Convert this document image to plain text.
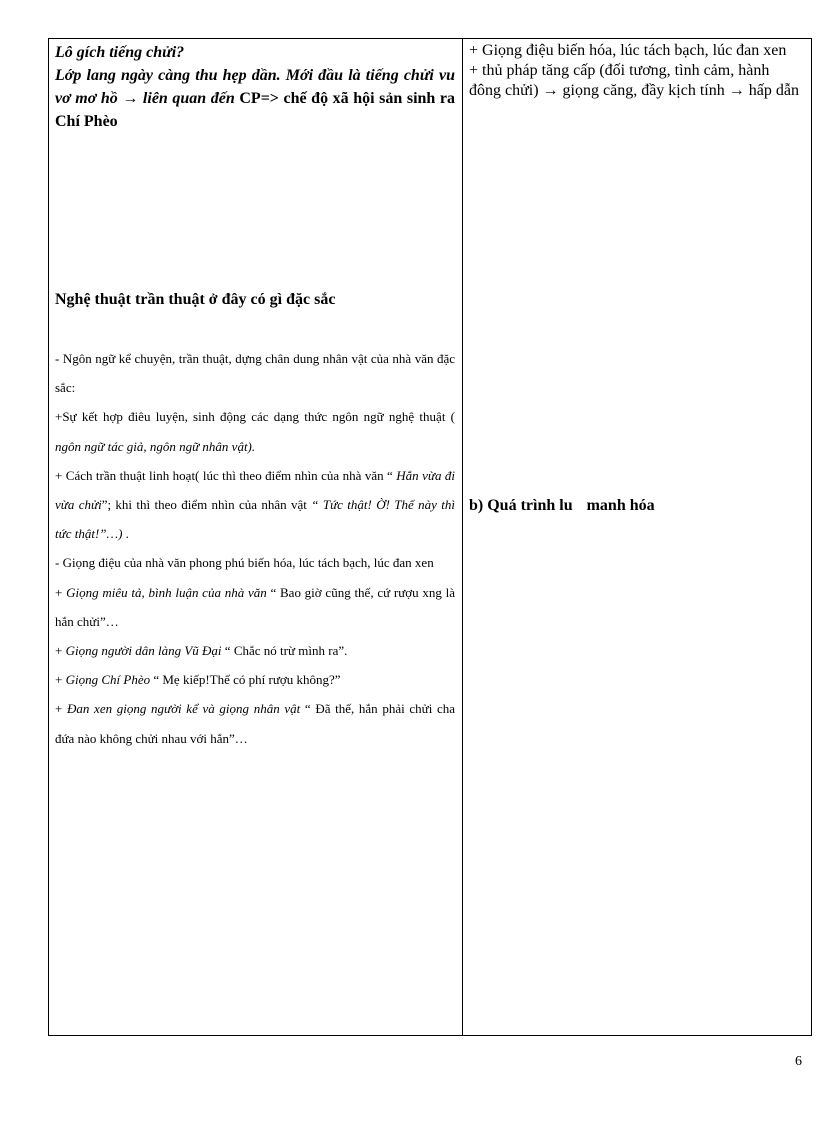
Lô gích tiếng chửi?
Lớp lang ngày càng thu hẹp dần. Mới đầu là tiếng chửi vu vơ mơ hồ → liên quan đến CP=> chế độ xã hội sản sinh ra Chí Phèo
Nghệ thuật trần thuật ở đây có gì đặc sắc

- Ngôn ngữ kể chuyện, trần thuật, dựng chân dung nhân vật của nhà văn đặc sắc:

+Sự kết hợp điêu luyện, sinh động các dạng thức ngôn ngữ nghệ thuật ( ngôn ngữ tác giả, ngôn ngữ nhân vật).

+ Cách trần thuật linh hoạt( lúc thì theo điểm nhìn của nhà văn “ Hắn vừa đi vừa chửi”; khi thì theo điểm nhìn của nhân vật “ Tức thật! Ờ! Thế này thì tức thật!”…) .

- Giọng điệu của nhà văn phong phú biến hóa, lúc tách bạch, lúc đan xen

+ Giọng miêu tả, bình luận của nhà văn “ Bao giờ cũng thế, cứ rượu xng là hắn chửi”…

+ Giọng người dân làng Vũ Đại “ Chắc nó trừ mình ra”.

+ Giọng Chí Phèo “ Mẹ kiếp!Thế có phí rượu không?”

+ Đan xen giọng người kể và giọng nhân vật “ Đã thế, hắn phải chửi cha đứa nào không chửi nhau với hắn”…

+ Giọng điệu biến hóa, lúc tách bạch, lúc đan xen
+ thủ pháp tăng cấp (đối tương, tình cảm, hành đông chửi) → giọng căng, đầy kịch tính → hấp dẫn
b) Quá trình lu manh hóa
6
